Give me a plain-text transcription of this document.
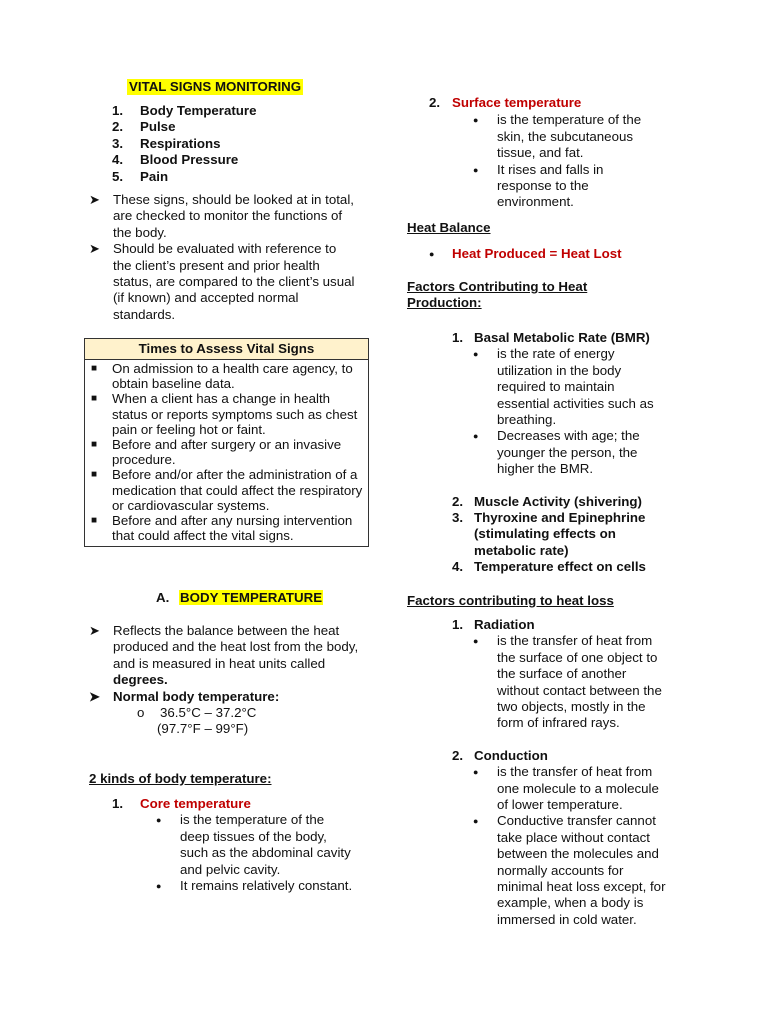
VITAL SIGNS MONITORING
1. Body Temperature
2. Pulse
3. Respirations
4. Blood Pressure
5. Pain
➤ These signs, should be looked at in total, are checked to monitor the functions of the body.
➤ Should be evaluated with reference to the client’s present and prior health status, are compared to the client’s usual (if known) and accepted normal standards.
Times to Assess Vital Signs

■ On admission to a health care agency, to obtain baseline data.
■ When a client has a change in health status or reports symptoms such as chest pain or feeling hot or faint.
■ Before and after surgery or an invasive procedure.
■ Before and/or after the administration of a medication that could affect the respiratory or cardiovascular systems.
■ Before and after any nursing intervention that could affect the vital signs.
A. BODY TEMPERATURE
➤ Reflects the balance between the heat produced and the heat lost from the body, and is measured in heat units called degrees.
➤ Normal body temperature:
o 36.5°C – 37.2°C
(97.7°F – 99°F)
2 kinds of body temperature:
1. Core temperature
● is the temperature of the deep tissues of the body, such as the abdominal cavity and pelvic cavity.
● It remains relatively constant.
2. Surface temperature
● is the temperature of the skin, the subcutaneous tissue, and fat.
● It rises and falls in response to the environment.
Heat Balance
● Heat Produced = Heat Lost
Factors Contributing to Heat Production:
1. Basal Metabolic Rate (BMR)
● is the rate of energy utilization in the body required to maintain essential activities such as breathing.
● Decreases with age; the younger the person, the higher the BMR.
2. Muscle Activity (shivering)
3. Thyroxine and Epinephrine (stimulating effects on metabolic rate)
4. Temperature effect on cells
Factors contributing to heat loss
1. Radiation
● is the transfer of heat from the surface of one object to the surface of another without contact between the two objects, mostly in the form of infrared rays.
2. Conduction
● is the transfer of heat from one molecule to a molecule of lower temperature.
● Conductive transfer cannot take place without contact between the molecules and normally accounts for minimal heat loss except, for example, when a body is immersed in cold water.
